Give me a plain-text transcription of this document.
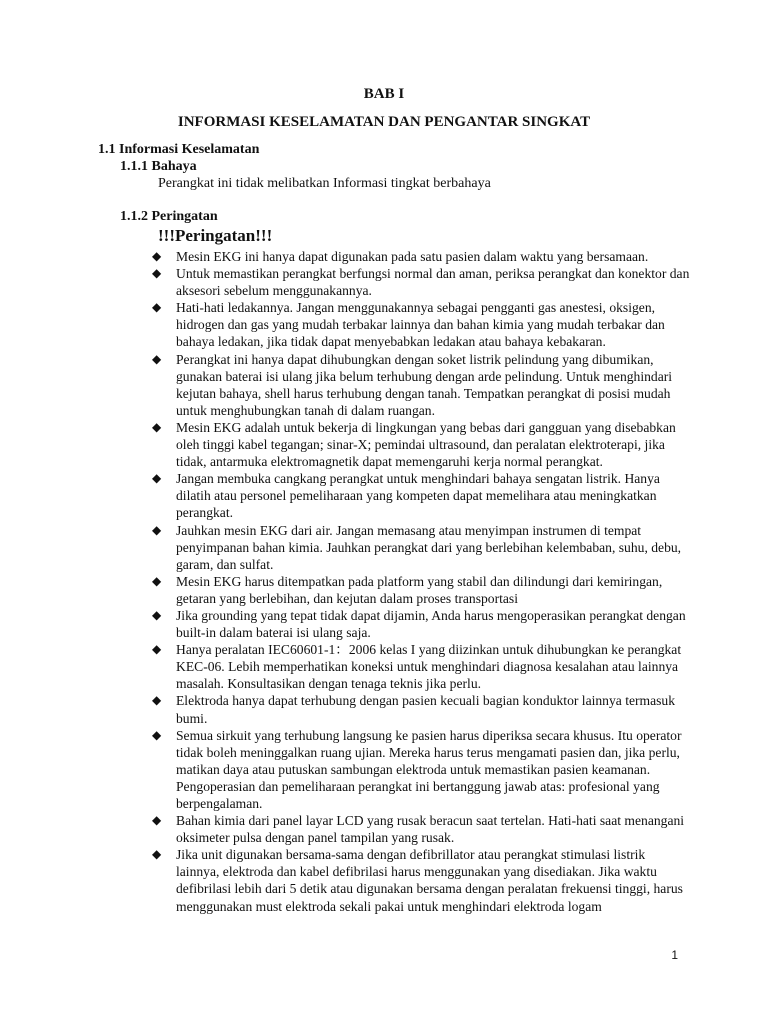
BAB I
INFORMASI KESELAMATAN DAN PENGANTAR SINGKAT
1.1 Informasi Keselamatan
1.1.1 Bahaya
Perangkat ini tidak melibatkan Informasi tingkat berbahaya
1.1.2 Peringatan
!!!Peringatan!!!
◆ Mesin EKG ini hanya dapat digunakan pada satu pasien dalam waktu yang bersamaan.
◆ Untuk memastikan perangkat berfungsi normal dan aman, periksa perangkat dan konektor dan aksesori sebelum menggunakannya.
◆ Hati-hati ledakannya. Jangan menggunakannya sebagai pengganti gas anestesi, oksigen, hidrogen dan gas yang mudah terbakar lainnya dan bahan kimia yang mudah terbakar dan bahaya ledakan, jika tidak dapat menyebabkan ledakan atau bahaya kebakaran.
◆ Perangkat ini hanya dapat dihubungkan dengan soket listrik pelindung yang dibumikan, gunakan baterai isi ulang jika belum terhubung dengan arde pelindung. Untuk menghindari kejutan bahaya, shell harus terhubung dengan tanah. Tempatkan perangkat di posisi mudah untuk menghubungkan tanah di dalam ruangan.
◆ Mesin EKG adalah untuk bekerja di lingkungan yang bebas dari gangguan yang disebabkan oleh tinggi kabel tegangan; sinar-X; pemindai ultrasound, dan peralatan elektroterapi, jika tidak, antarmuka elektromagnetik dapat memengaruhi kerja normal perangkat.
◆ Jangan membuka cangkang perangkat untuk menghindari bahaya sengatan listrik. Hanya dilatih atau personel pemeliharaan yang kompeten dapat memelihara atau meningkatkan perangkat.
◆ Jauhkan mesin EKG dari air. Jangan memasang atau menyimpan instrumen di tempat penyimpanan bahan kimia. Jauhkan perangkat dari yang berlebihan kelembaban, suhu, debu, garam, dan sulfat.
◆ Mesin EKG harus ditempatkan pada platform yang stabil dan dilindungi dari kemiringan, getaran yang berlebihan, dan kejutan dalam proses transportasi
◆ Jika grounding yang tepat tidak dapat dijamin, Anda harus mengoperasikan perangkat dengan built-in dalam baterai isi ulang saja.
◆ Hanya peralatan IEC60601-1：2006 kelas I yang diizinkan untuk dihubungkan ke perangkat KEC-06. Lebih memperhatikan koneksi untuk menghindari diagnosa kesalahan atau lainnya masalah. Konsultasikan dengan tenaga teknis jika perlu.
◆ Elektroda hanya dapat terhubung dengan pasien kecuali bagian konduktor lainnya termasuk bumi.
◆ Semua sirkuit yang terhubung langsung ke pasien harus diperiksa secara khusus. Itu operator tidak boleh meninggalkan ruang ujian. Mereka harus terus mengamati pasien dan, jika perlu, matikan daya atau putuskan sambungan elektroda untuk memastikan pasien keamanan. Pengoperasian dan pemeliharaan perangkat ini bertanggung jawab atas: profesional yang berpengalaman.
◆ Bahan kimia dari panel layar LCD yang rusak beracun saat tertelan. Hati-hati saat menangani oksimeter pulsa dengan panel tampilan yang rusak.
◆ Jika unit digunakan bersama-sama dengan defibrillator atau perangkat stimulasi listrik lainnya, elektroda dan kabel defibrilasi harus menggunakan yang disediakan. Jika waktu defibrilasi lebih dari 5 detik atau digunakan bersama dengan peralatan frekuensi tinggi, harus menggunakan must elektroda sekali pakai untuk menghindari elektroda logam
1
